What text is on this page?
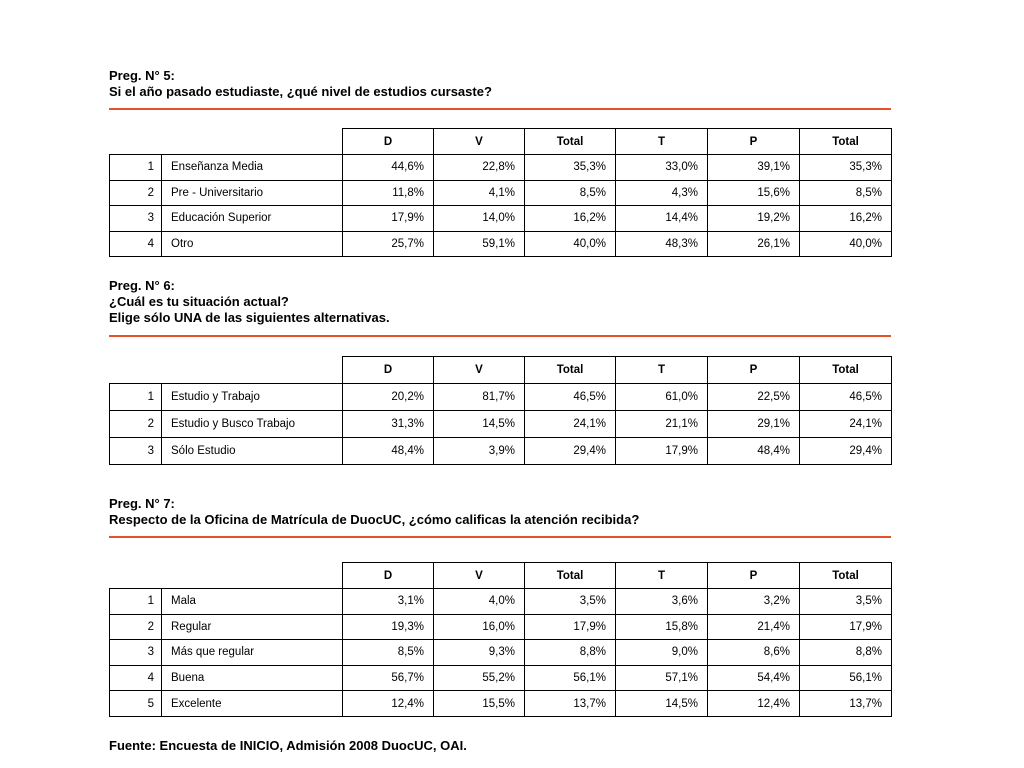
Preg. N° 5:

Si el año pasado estudiaste, ¿qué nivel de estudios cursaste?

		D	V	Total	T	P	Total
1	Enseñanza Media	44,6%	22,8%	35,3%	33,0%	39,1%	35,3%
2	Pre - Universitario	11,8%	4,1%	8,5%	4,3%	15,6%	8,5%
3	Educación Superior	17,9%	14,0%	16,2%	14,4%	19,2%	16,2%
4	Otro	25,7%	59,1%	40,0%	48,3%	26,1%	40,0%

Preg. N° 6:

¿Cuál es tu situación actual?

Elige sólo UNA de las siguientes alternativas.

		D	V	Total	T	P	Total
1	Estudio y Trabajo	20,2%	81,7%	46,5%	61,0%	22,5%	46,5%
2	Estudio y Busco Trabajo	31,3%	14,5%	24,1%	21,1%	29,1%	24,1%
3	Sólo Estudio	48,4%	3,9%	29,4%	17,9%	48,4%	29,4%

Preg. N° 7:

Respecto de la Oficina de Matrícula de DuocUC, ¿cómo calificas la atención recibida?

		D	V	Total	T	P	Total
1	Mala	3,1%	4,0%	3,5%	3,6%	3,2%	3,5%
2	Regular	19,3%	16,0%	17,9%	15,8%	21,4%	17,9%
3	Más que regular	8,5%	9,3%	8,8%	9,0%	8,6%	8,8%
4	Buena	56,7%	55,2%	56,1%	57,1%	54,4%	56,1%
5	Excelente	12,4%	15,5%	13,7%	14,5%	12,4%	13,7%

Fuente: Encuesta de INICIO, Admisión 2008 DuocUC, OAI.
